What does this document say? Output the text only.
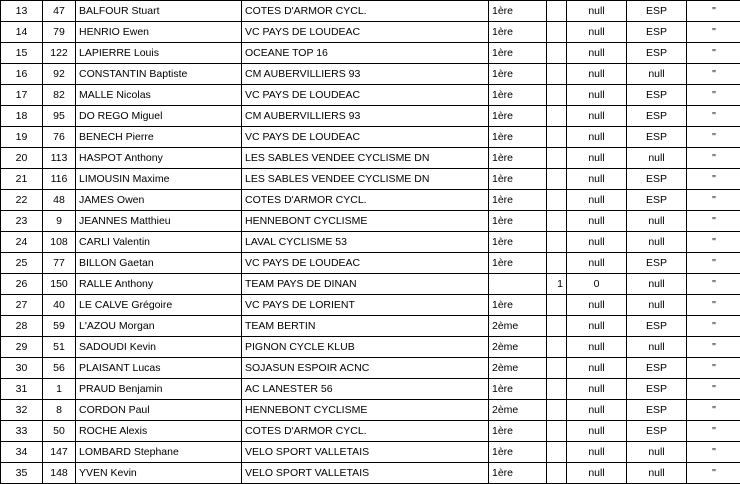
13	47	BALFOUR Stuart	COTES D'ARMOR CYCL.	1ère		null	ESP	"
14	79	HENRIO Ewen	VC PAYS DE LOUDEAC	1ère		null	ESP	"
15	122	LAPIERRE Louis	OCEANE TOP 16	1ère		null	ESP	"
16	92	CONSTANTIN Baptiste	CM AUBERVILLIERS 93	1ère		null	null	"
17	82	MALLE Nicolas	VC PAYS DE LOUDEAC	1ère		null	ESP	"
18	95	DO REGO Miguel	CM AUBERVILLIERS 93	1ère		null	ESP	"
19	76	BENECH Pierre	VC PAYS DE LOUDEAC	1ère		null	ESP	"
20	113	HASPOT Anthony	LES SABLES VENDEE CYCLISME DN	1ère		null	null	"
21	116	LIMOUSIN Maxime	LES SABLES VENDEE CYCLISME DN	1ère		null	ESP	"
22	48	JAMES Owen	COTES D'ARMOR CYCL.	1ère		null	ESP	"
23	9	JEANNES Matthieu	HENNEBONT CYCLISME	1ère		null	null	"
24	108	CARLI Valentin	LAVAL CYCLISME 53	1ère		null	null	"
25	77	BILLON Gaetan	VC PAYS DE LOUDEAC	1ère		null	ESP	"
26	150	RALLE Anthony	TEAM PAYS DE DINAN		1	0	null	"
27	40	LE CALVE Grégoire	VC PAYS DE LORIENT	1ère		null	null	"
28	59	L'AZOU Morgan	TEAM BERTIN	2ème		null	ESP	"
29	51	SADOUDI Kevin	PIGNON CYCLE KLUB	2ème		null	null	"
30	56	PLAISANT Lucas	SOJASUN ESPOIR ACNC	2ème		null	ESP	"
31	1	PRAUD Benjamin	AC LANESTER 56	1ère		null	ESP	"
32	8	CORDON Paul	HENNEBONT CYCLISME	2ème		null	ESP	"
33	50	ROCHE Alexis	COTES D'ARMOR CYCL.	1ère		null	ESP	"
34	147	LOMBARD Stephane	VELO SPORT VALLETAIS	1ère		null	null	"
35	148	YVEN Kevin	VELO SPORT VALLETAIS	1ère		null	null	"
